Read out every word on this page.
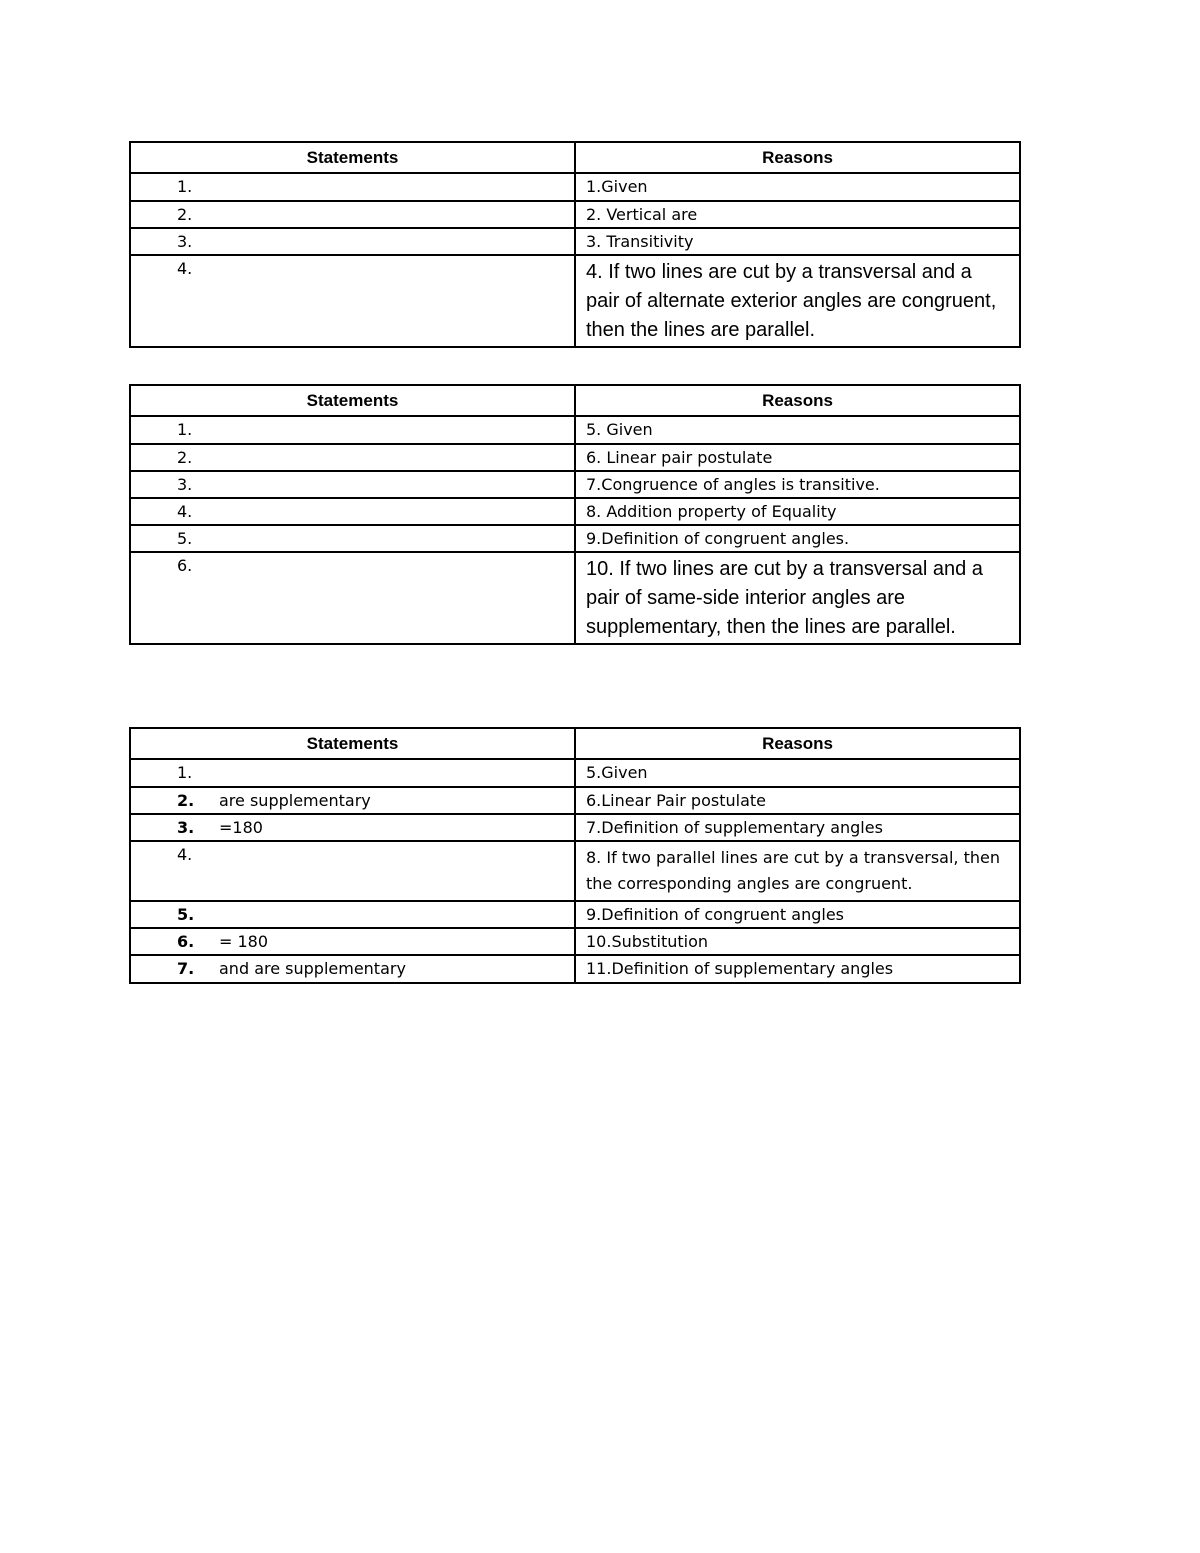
Statements	Reasons
1.	1.Given
2.	2. Vertical are
3.	3. Transitivity
4.	4. If two lines are cut by a transversal and a pair of alternate exterior angles are congruent, then the lines are parallel.
Statements	Reasons
1.	5. Given
2.	6. Linear pair postulate
3.	7.Congruence of angles is transitive.
4.	8. Addition property of Equality
5.	9.Definition of congruent angles.
6.	10. If two lines are cut by a transversal and a pair of same-side interior angles are supplementary, then the lines are parallel.
Statements	Reasons
1.	5.Given
2. are supplementary	6.Linear Pair postulate
3. =180	7.Definition of supplementary angles
4.	8. If two parallel lines are cut by a transversal, then the corresponding angles are congruent.
5.	9.Definition of congruent angles
6. = 180	10.Substitution
7. and are supplementary	11.Definition of supplementary angles
